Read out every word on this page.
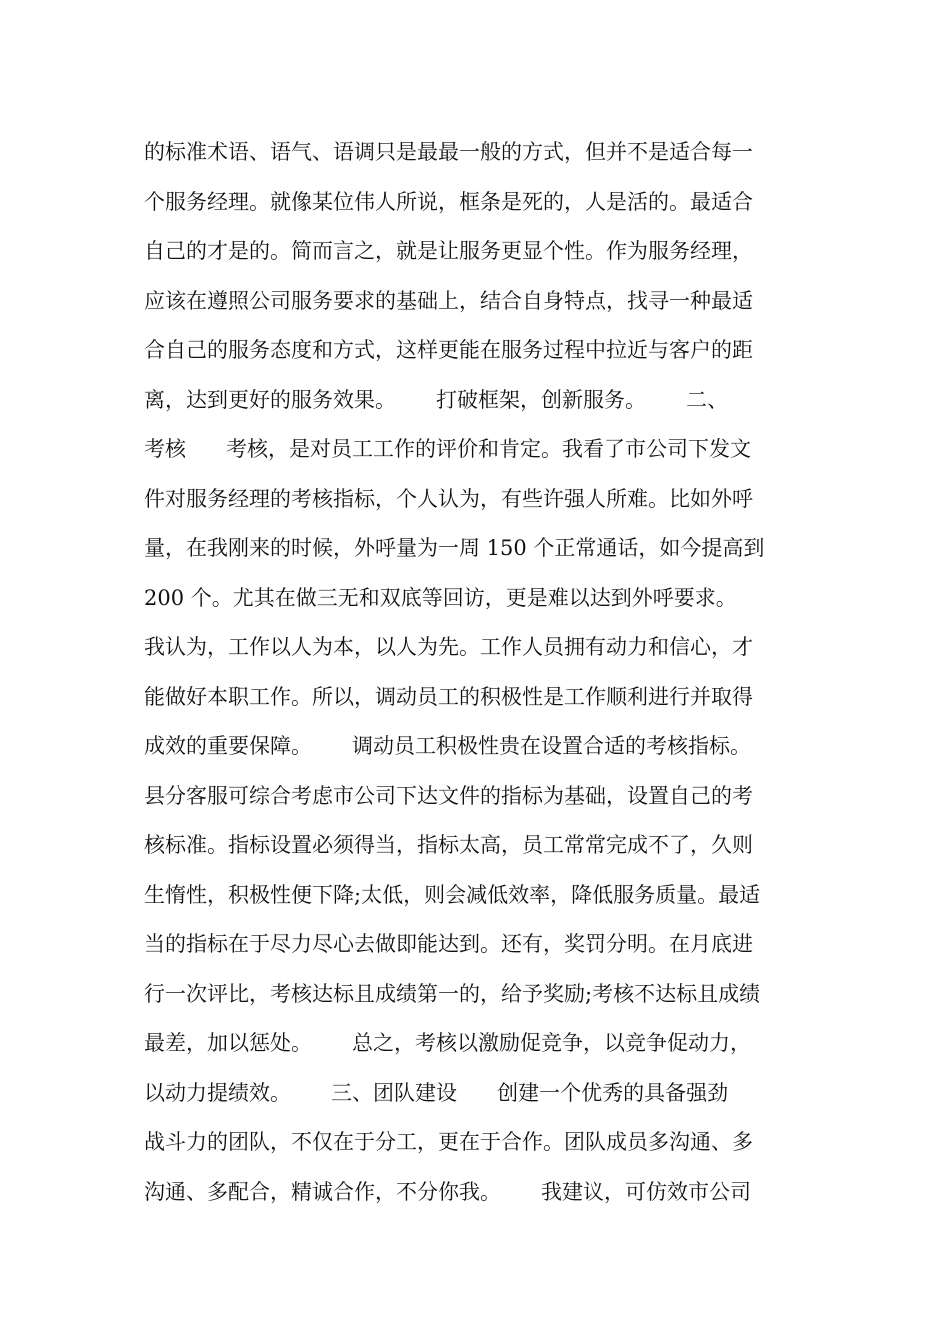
的标准术语、语气、语调只是最最一般的方式，但并不是适合每一
个服务经理。就像某位伟人所说，框条是死的，人是活的。最适合
自己的才是的。简而言之，就是让服务更显个性。作为服务经理，
应该在遵照公司服务要求的基础上，结合自身特点，找寻一种最适
合自己的服务态度和方式，这样更能在服务过程中拉近与客户的距
离，达到更好的服务效果。      打破框架，创新服务。      二、
考核      考核，是对员工工作的评价和肯定。我看了市公司下发文
件对服务经理的考核指标，个人认为，有些许强人所难。比如外呼
量，在我刚来的时候，外呼量为一周 150 个正常通话，如今提高到
200 个。尤其在做三无和双底等回访，更是难以达到外呼要求。
我认为，工作以人为本，以人为先。工作人员拥有动力和信心，才
能做好本职工作。所以，调动员工的积极性是工作顺利进行并取得
成效的重要保障。      调动员工积极性贵在设置合适的考核指标。
县分客服可综合考虑市公司下达文件的指标为基础，设置自己的考
核标准。指标设置必须得当，指标太高，员工常常完成不了，久则
生惰性，积极性便下降;太低，则会减低效率，降低服务质量。最适
当的指标在于尽力尽心去做即能达到。还有，奖罚分明。在月底进
行一次评比，考核达标且成绩第一的，给予奖励;考核不达标且成绩
最差，加以惩处。      总之，考核以激励促竞争，以竞争促动力，
以动力提绩效。      三、团队建设      创建一个优秀的具备强劲
战斗力的团队，不仅在于分工，更在于合作。团队成员多沟通、多
沟通、多配合，精诚合作，不分你我。      我建议，可仿效市公司
